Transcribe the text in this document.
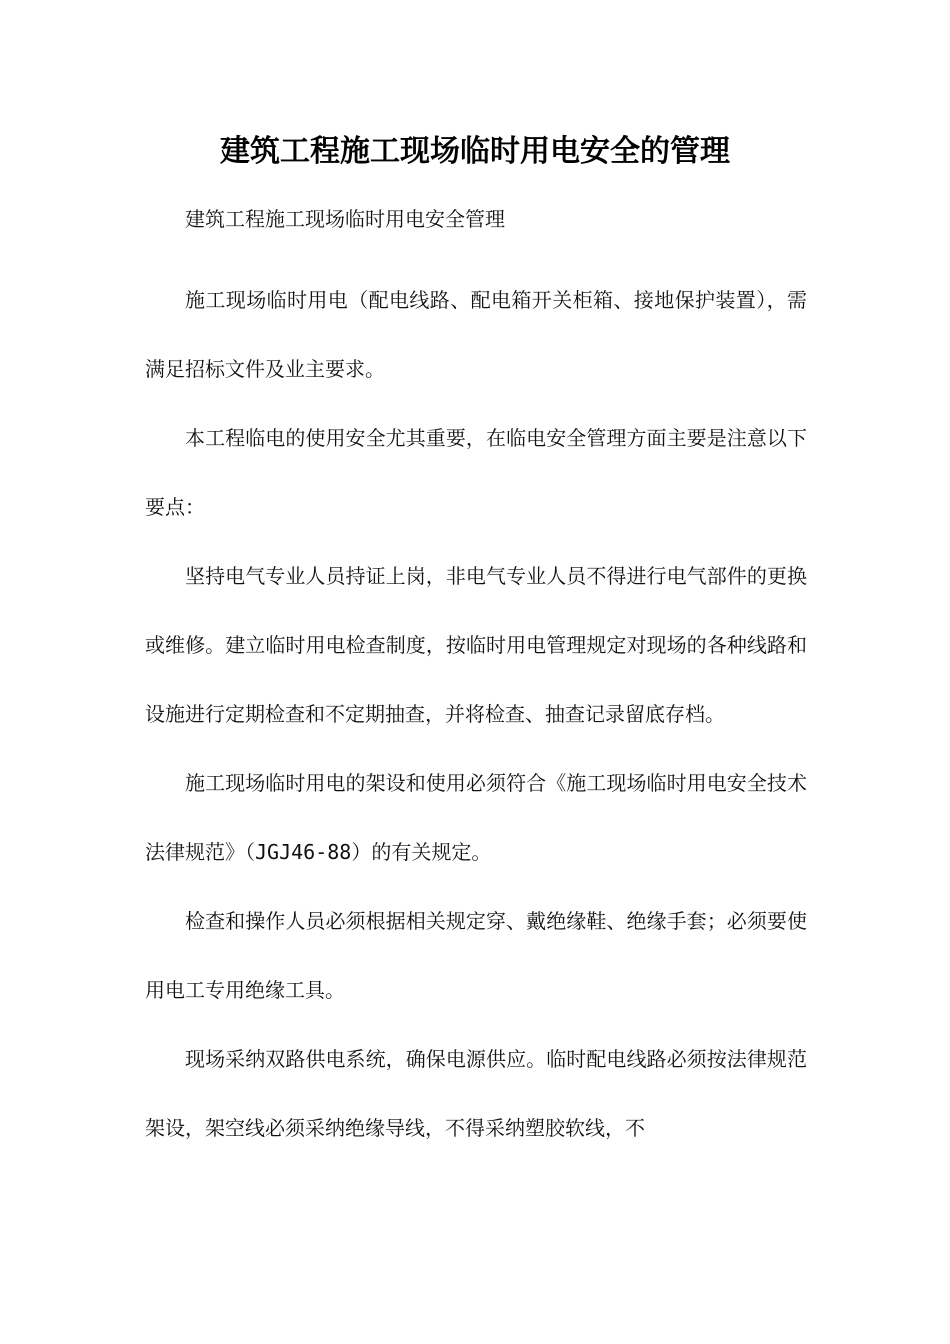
建筑工程施工现场临时用电安全的管理

建筑工程施工现场临时用电安全管理

施工现场临时用电（配电线路、配电箱开关柜箱、接地保护装置），需满足招标文件及业主要求。

本工程临电的使用安全尤其重要，在临电安全管理方面主要是注意以下要点：

坚持电气专业人员持证上岗，非电气专业人员不得进行电气部件的更换或维修。建立临时用电检查制度，按临时用电管理规定对现场的各种线路和设施进行定期检查和不定期抽查，并将检查、抽查记录留底存档。

施工现场临时用电的架设和使用必须符合《施工现场临时用电安全技术法律规范》（JGJ46-88）的有关规定。

检查和操作人员必须根据相关规定穿、戴绝缘鞋、绝缘手套；必须要使用电工专用绝缘工具。

现场采纳双路供电系统，确保电源供应。临时配电线路必须按法律规范架设，架空线必须采纳绝缘导线，不得采纳塑胶软线，不
